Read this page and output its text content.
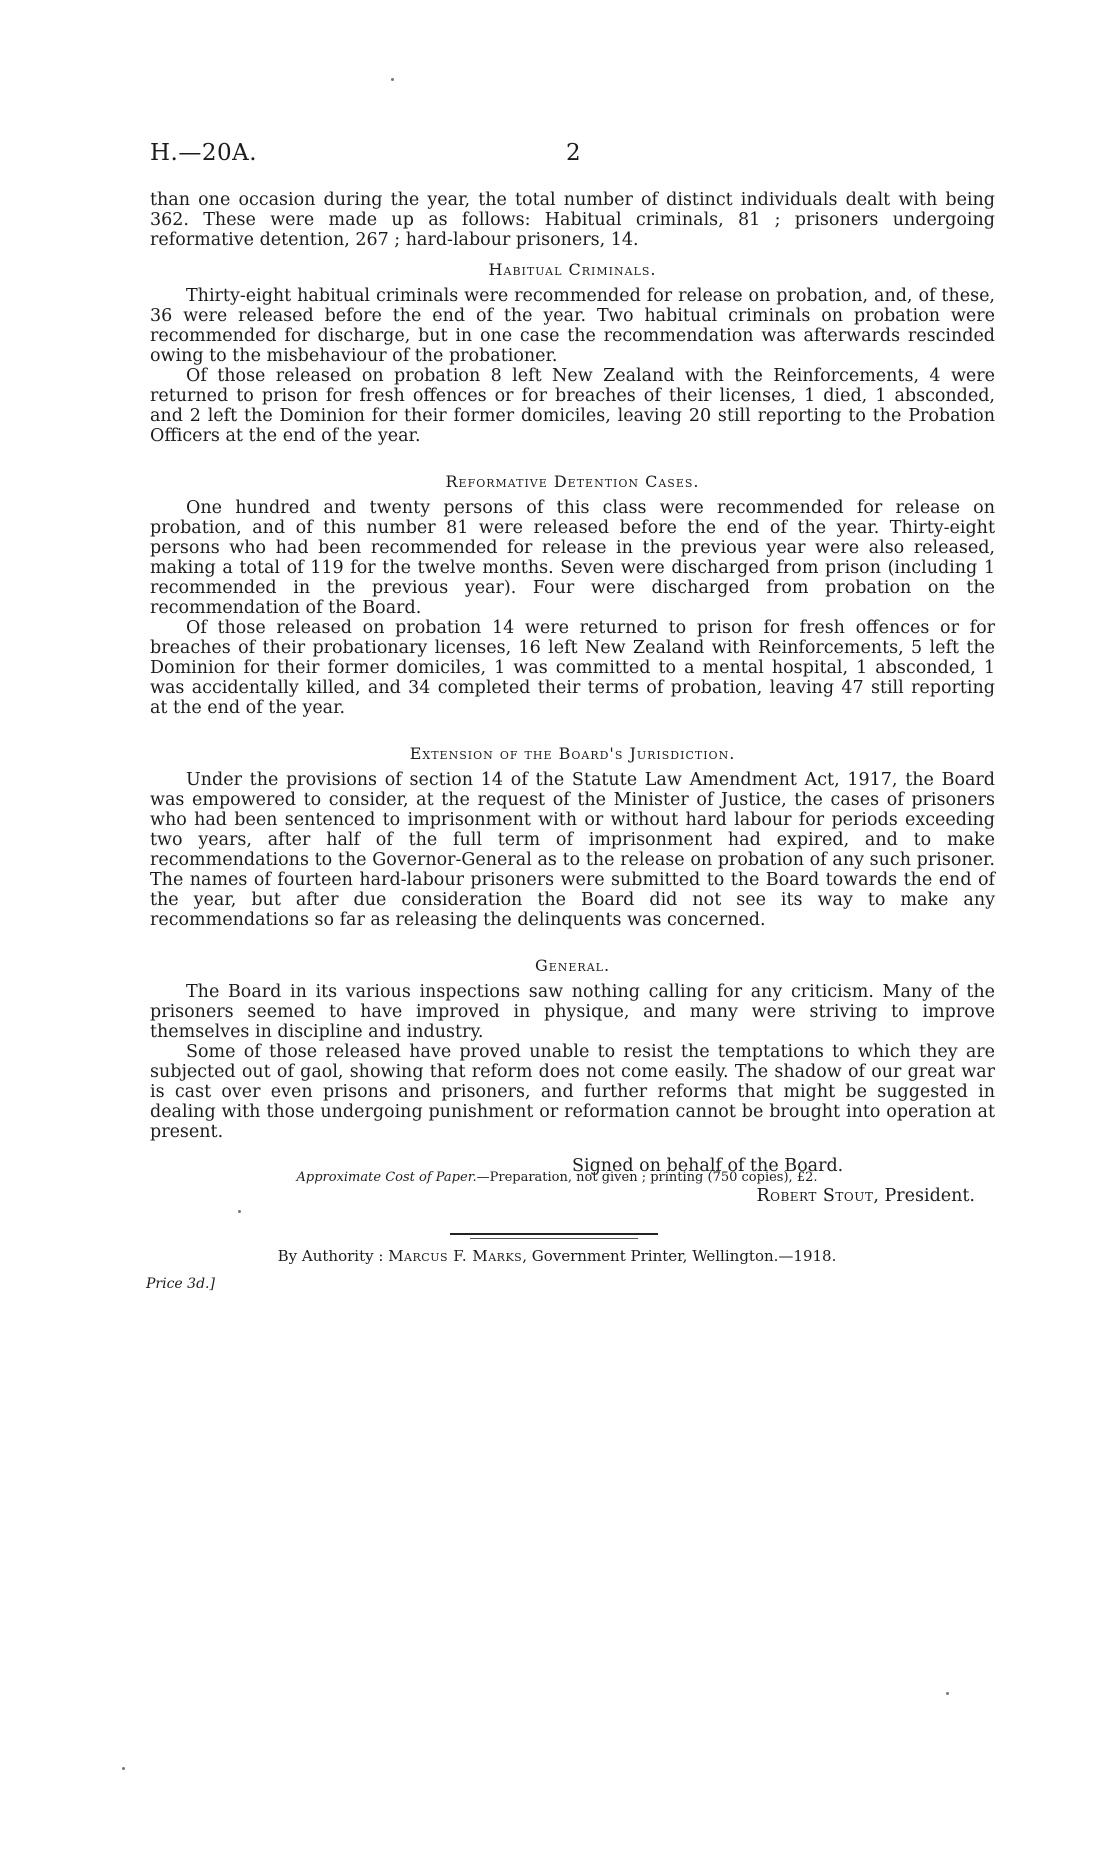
H.—20A.	2

than one occasion during the year, the total number of distinct individuals dealt with being 362. These were made up as follows: Habitual criminals, 81 ; prisoners undergoing reformative detention, 267 ; hard-labour prisoners, 14.

Habitual Criminals.

Thirty-eight habitual criminals were recommended for release on probation, and, of these, 36 were released before the end of the year. Two habitual criminals on probation were recommended for discharge, but in one case the recommendation was afterwards rescinded owing to the misbehaviour of the probationer.

Of those released on probation 8 left New Zealand with the Reinforcements, 4 were returned to prison for fresh offences or for breaches of their licenses, 1 died, 1 absconded, and 2 left the Dominion for their former domiciles, leaving 20 still reporting to the Probation Officers at the end of the year.

Reformative Detention Cases.

One hundred and twenty persons of this class were recommended for release on probation, and of this number 81 were released before the end of the year. Thirty-eight persons who had been recommended for release in the previous year were also released, making a total of 119 for the twelve months. Seven were discharged from prison (including 1 recommended in the previous year). Four were discharged from probation on the recommendation of the Board.

Of those released on probation 14 were returned to prison for fresh offences or for breaches of their probationary licenses, 16 left New Zealand with Reinforcements, 5 left the Dominion for their former domiciles, 1 was committed to a mental hospital, 1 absconded, 1 was accidentally killed, and 34 completed their terms of probation, leaving 47 still reporting at the end of the year.

Extension of the Board's Jurisdiction.

Under the provisions of section 14 of the Statute Law Amendment Act, 1917, the Board was empowered to consider, at the request of the Minister of Justice, the cases of prisoners who had been sentenced to imprisonment with or without hard labour for periods exceeding two years, after half of the full term of imprisonment had expired, and to make recommendations to the Governor-General as to the release on probation of any such prisoner. The names of fourteen hard-labour prisoners were submitted to the Board towards the end of the year, but after due consideration the Board did not see its way to make any recommendations so far as releasing the delinquents was concerned.

General.

The Board in its various inspections saw nothing calling for any criticism. Many of the prisoners seemed to have improved in physique, and many were striving to improve themselves in discipline and industry.

Some of those released have proved unable to resist the temptations to which they are subjected out of gaol, showing that reform does not come easily. The shadow of our great war is cast over even prisons and prisoners, and further reforms that might be suggested in dealing with those undergoing punishment or reformation cannot be brought into operation at present.

Signed on behalf of the Board.
Robert Stout, President.
Approximate Cost of Paper.—Preparation, not given ; printing (750 copies), £2.
By Authority : Marcus F. Marks, Government Printer, Wellington.—1918.
Price 3d.]
